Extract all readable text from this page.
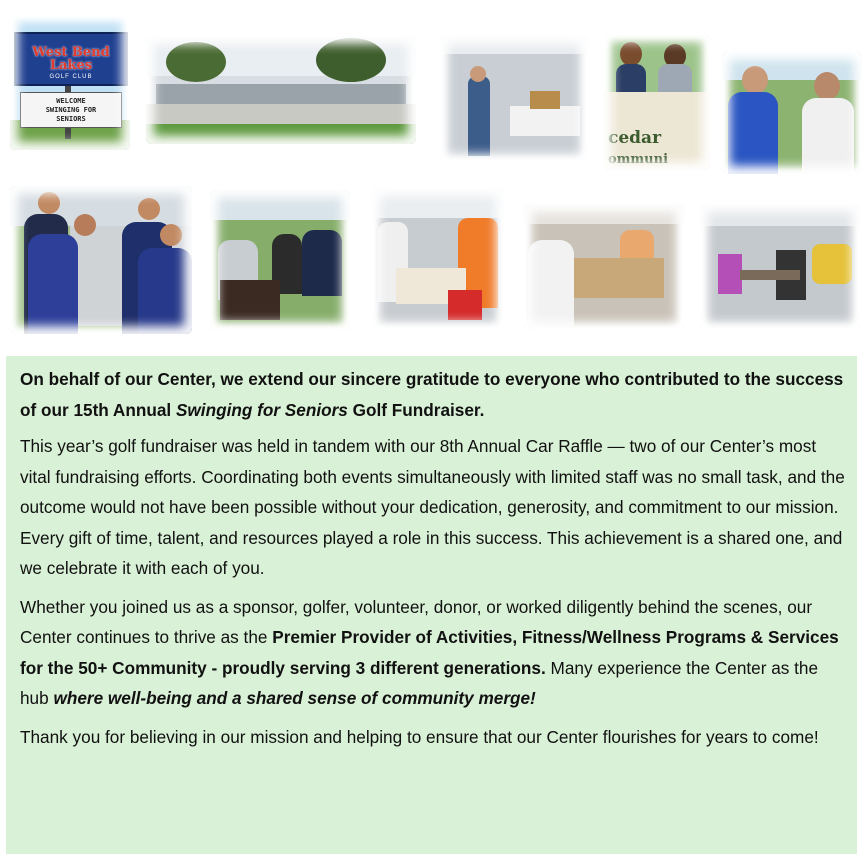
West Bend Lakes
GOLF CLUB
WELCOME
SWINGING FOR
SENIORS
cedar
ommuni

On behalf of our Center, we extend our sincere gratitude to everyone who contributed to the success of our 15th Annual Swinging for Seniors Golf Fundraiser.

This year’s golf fundraiser was held in tandem with our 8th Annual Car Raffle — two of our Center’s most vital fundraising efforts. Coordinating both events simultaneously with limited staff was no small task, and the outcome would not have been possible without your dedication, generosity, and commitment to our mission. Every gift of time, talent, and resources played a role in this success. This achievement is a shared one, and we celebrate it with each of you.

Whether you joined us as a sponsor, golfer, volunteer, donor, or worked diligently behind the scenes, our Center continues to thrive as the Premier Provider of Activities, Fitness/Wellness Programs & Services for the 50+ Community - proudly serving 3 different generations. Many experience the Center as the hub where well-being and a shared sense of community merge!

Thank you for believing in our mission and helping to ensure that our Center flourishes for years to come!
